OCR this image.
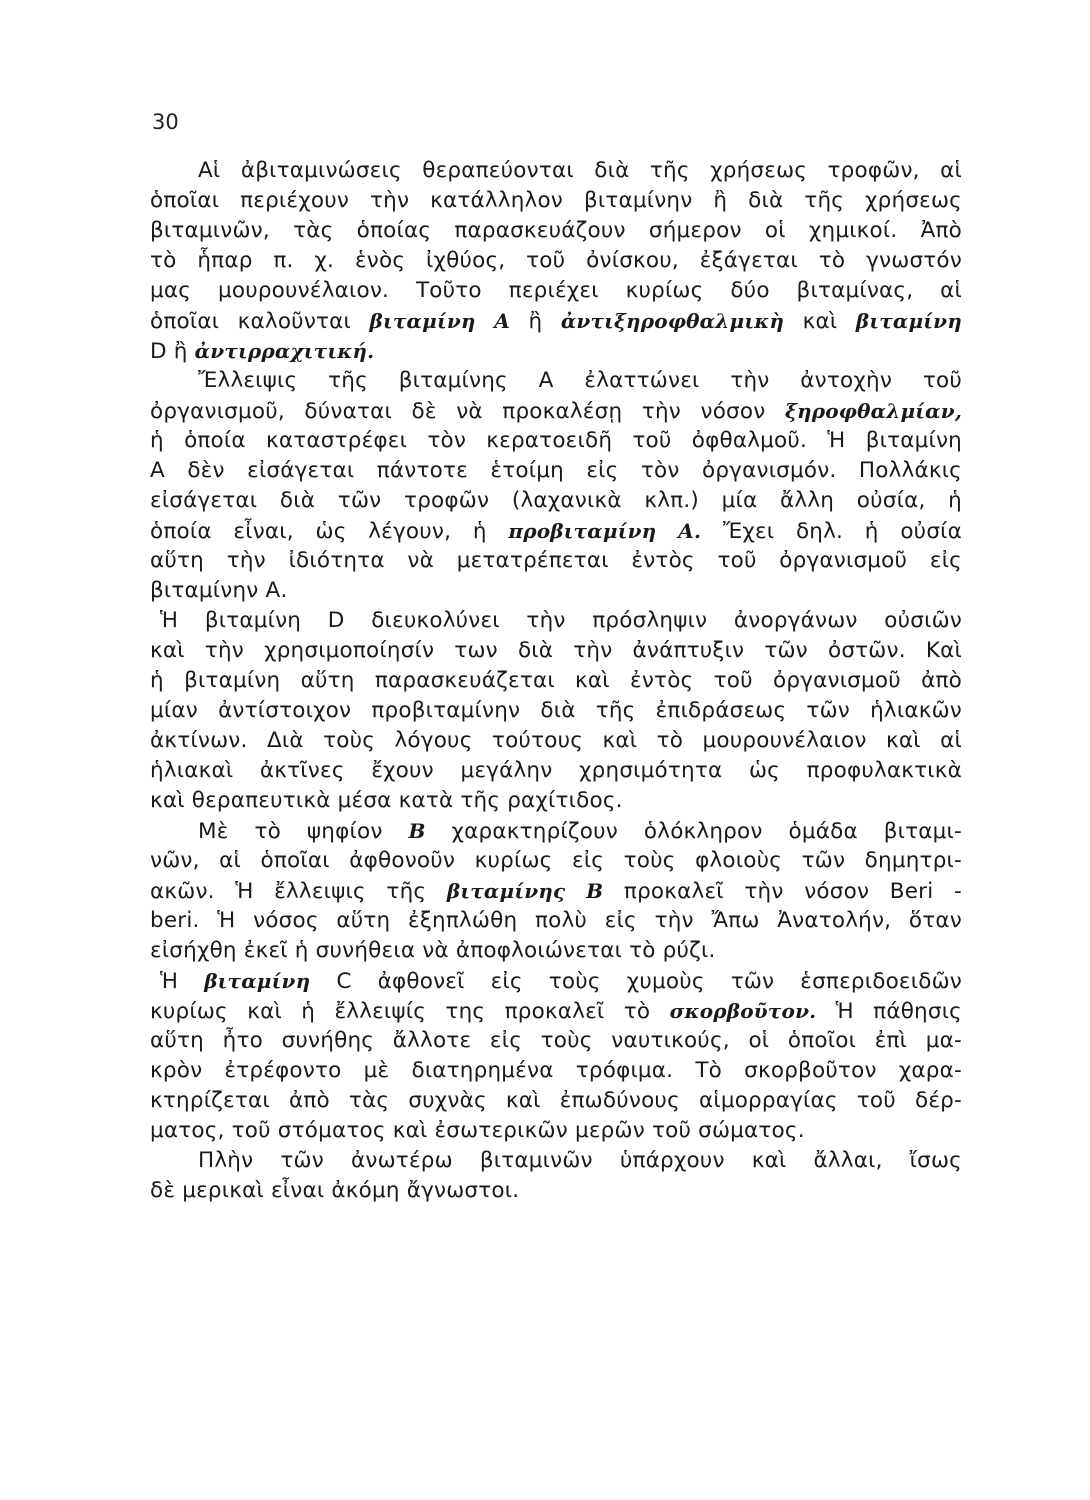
30
Αἱ ἀβιταμινώσεις θεραπεύονται διὰ τῆς χρήσεως τροφῶν, αἱ
ὁποῖαι περιέχουν τὴν κατάλληλον βιταμίνην ἢ διὰ τῆς χρήσεως
βιταμινῶν, τὰς ὁποίας παρασκευάζουν σήμερον οἱ χημικοί. Ἀπὸ
τὸ ἧπαρ π. χ. ἑνὸς ἰχθύος, τοῦ ὀνίσκου, ἐξάγεται τὸ γνωστόν
μας μουρουνέλαιον. Τοῦτο περιέχει κυρίως δύο βιταμίνας, αἱ
ὁποῖαι καλοῦνται βιταμίνη Α ἢ ἀντιξηροφθαλμικὴ καὶ βιταμίνη
D ἢ ἀντιρραχιτική.
Ἔλλειψις τῆς βιταμίνης Α ἐλαττώνει τὴν ἀντοχὴν τοῦ
ὀργανισμοῦ, δύναται δὲ νὰ προκαλέσῃ τὴν νόσον ξηροφθαλμίαν,
ἡ ὁποία καταστρέφει τὸν κερατοειδῆ τοῦ ὀφθαλμοῦ. Ἡ βιταμίνη
Α δὲν εἰσάγεται πάντοτε ἑτοίμη εἰς τὸν ὀργανισμόν. Πολλάκις
εἰσάγεται διὰ τῶν τροφῶν (λαχανικὰ κλπ.) μία ἄλλη οὐσία, ἡ
ὁποία εἶναι, ὡς λέγουν, ἡ προβιταμίνη Α. Ἔχει δηλ. ἡ οὐσία
αὕτη τὴν ἰδιότητα νὰ μετατρέπεται ἐντὸς τοῦ ὀργανισμοῦ εἰς
βιταμίνην Α.
Ἡ βιταμίνη D διευκολύνει τὴν πρόσληψιν ἀνοργάνων οὐσιῶν
καὶ τὴν χρησιμοποίησίν των διὰ τὴν ἀνάπτυξιν τῶν ὀστῶν. Καὶ
ἡ βιταμίνη αὕτη παρασκευάζεται καὶ ἐντὸς τοῦ ὀργανισμοῦ ἀπὸ
μίαν ἀντίστοιχον προβιταμίνην διὰ τῆς ἐπιδράσεως τῶν ἡλιακῶν
ἀκτίνων. Διὰ τοὺς λόγους τούτους καὶ τὸ μουρουνέλαιον καὶ αἱ
ἡλιακαὶ ἀκτῖνες ἔχουν μεγάλην χρησιμότητα ὡς προφυλακτικὰ
καὶ θεραπευτικὰ μέσα κατὰ τῆς ραχίτιδος.
Μὲ τὸ ψηφίον Β χαρακτηρίζουν ὁλόκληρον ὁμάδα βιταμι-
νῶν, αἱ ὁποῖαι ἀφθονοῦν κυρίως εἰς τοὺς φλοιοὺς τῶν δημητρι-
ακῶν. Ἡ ἔλλειψις τῆς βιταμίνης Β προκαλεῖ τὴν νόσον Beri -
beri. Ἡ νόσος αὕτη ἐξηπλώθη πολὺ εἰς τὴν Ἄπω Ἀνατολήν, ὅταν
εἰσήχθη ἐκεῖ ἡ συνήθεια νὰ ἀποφλοιώνεται τὸ ρύζι.
Ἡ βιταμίνη C ἀφθονεῖ εἰς τοὺς χυμοὺς τῶν ἑσπεριδοειδῶν
κυρίως καὶ ἡ ἔλλειψίς της προκαλεῖ τὸ σκορβοῦτον. Ἡ πάθησις
αὕτη ἦτο συνήθης ἄλλοτε εἰς τοὺς ναυτικούς, οἱ ὁποῖοι ἐπὶ μα-
κρὸν ἐτρέφοντο μὲ διατηρημένα τρόφιμα. Τὸ σκορβοῦτον χαρα-
κτηρίζεται ἀπὸ τὰς συχνὰς καὶ ἐπωδύνους αἱμορραγίας τοῦ δέρ-
ματος, τοῦ στόματος καὶ ἐσωτερικῶν μερῶν τοῦ σώματος.
Πλὴν τῶν ἀνωτέρω βιταμινῶν ὑπάρχουν καὶ ἄλλαι, ἴσως
δὲ μερικαὶ εἶναι ἀκόμη ἄγνωστοι.
